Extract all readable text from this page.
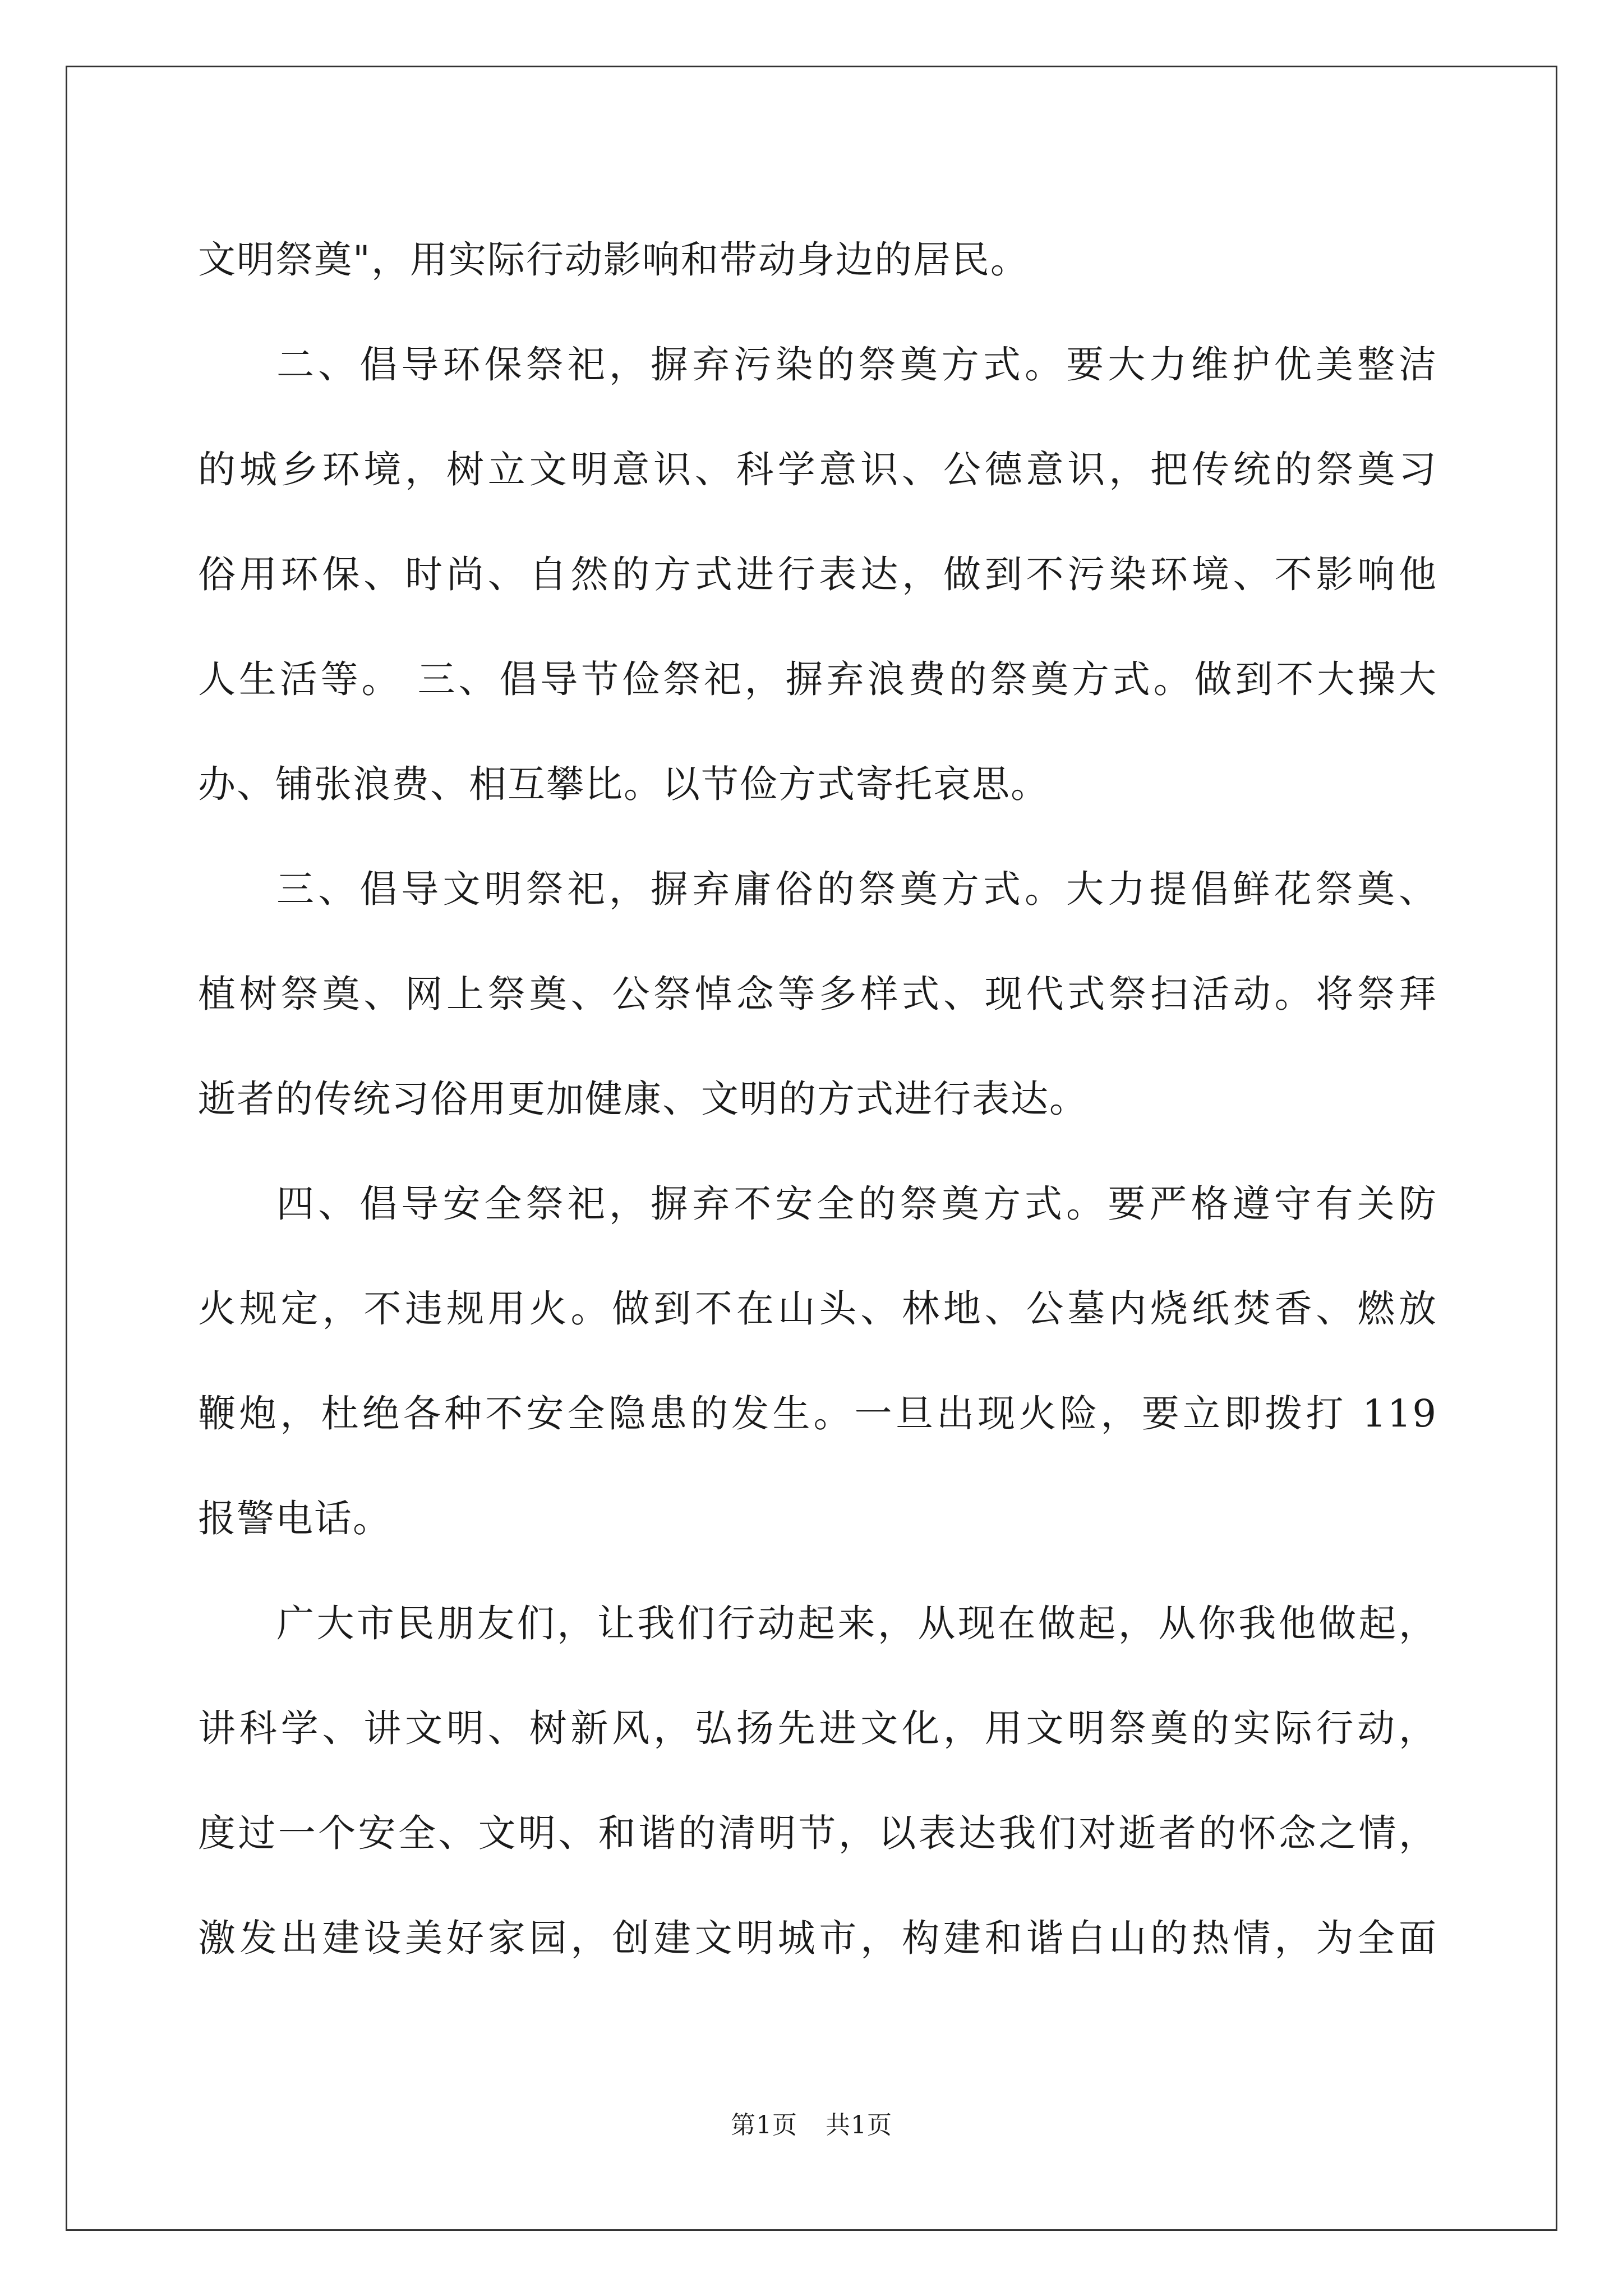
文明祭奠"，用实际行动影响和带动身边的居民。
二、倡导环保祭祀，摒弃污染的祭奠方式。要大力维护优美整洁
的城乡环境，树立文明意识、科学意识、公德意识，把传统的祭奠习
俗用环保、时尚、自然的方式进行表达，做到不污染环境、不影响他
人生活等。 三、倡导节俭祭祀，摒弃浪费的祭奠方式。做到不大操大
办、铺张浪费、相互攀比。以节俭方式寄托哀思。
三、倡导文明祭祀，摒弃庸俗的祭奠方式。大力提倡鲜花祭奠、
植树祭奠、网上祭奠、公祭悼念等多样式、现代式祭扫活动。将祭拜
逝者的传统习俗用更加健康、文明的方式进行表达。
四、倡导安全祭祀，摒弃不安全的祭奠方式。要严格遵守有关防
火规定，不违规用火。做到不在山头、林地、公墓内烧纸焚香、燃放
鞭炮，杜绝各种不安全隐患的发生。一旦出现火险，要立即拨打 119
报警电话。
广大市民朋友们，让我们行动起来，从现在做起，从你我他做起，
讲科学、讲文明、树新风，弘扬先进文化，用文明祭奠的实际行动，
度过一个安全、文明、和谐的清明节，以表达我们对逝者的怀念之情，
激发出建设美好家园，创建文明城市，构建和谐白山的热情，为全面
第1页 共1页
